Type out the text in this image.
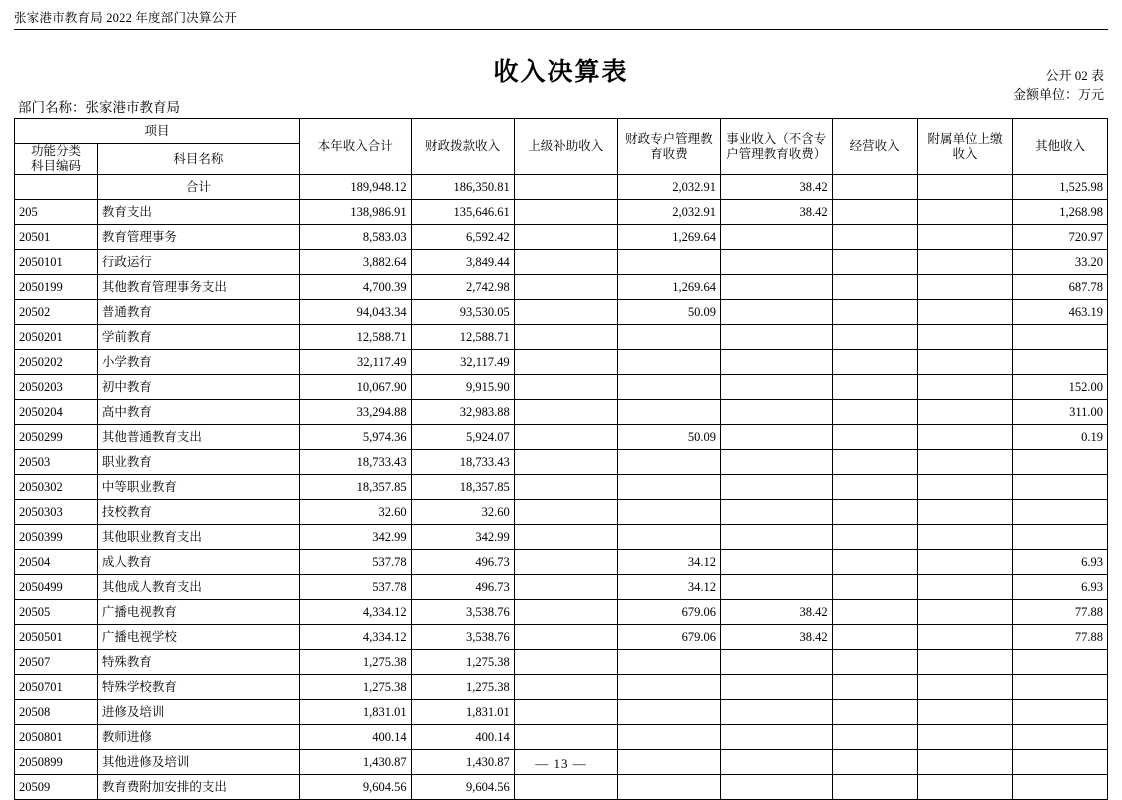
张家港市教育局 2022 年度部门决算公开
收入决算表	公开 02 表
金额单位：万元
部门名称：张家港市教育局
项目		本年收入合计	财政拨款收入	上级补助收入	财政专户管理教育收费	事业收入（不含专户管理教育收费）	经营收入	附属单位上缴收入	其他收入

功能分类
科目编码	科目名称								
	合计	189,948.12	186,350.81		2,032.91	38.42			1,525.98
205	教育支出	138,986.91	135,646.61		2,032.91	38.42			1,268.98
20501	教育管理事务	8,583.03	6,592.42		1,269.64				720.97
2050101	行政运行	3,882.64	3,849.44						33.20
2050199	其他教育管理事务支出	4,700.39	2,742.98		1,269.64				687.78
20502	普通教育	94,043.34	93,530.05		50.09				463.19
2050201	学前教育	12,588.71	12,588.71						
2050202	小学教育	32,117.49	32,117.49						
2050203	初中教育	10,067.90	9,915.90						152.00
2050204	高中教育	33,294.88	32,983.88						311.00
2050299	其他普通教育支出	5,974.36	5,924.07		50.09				0.19
20503	职业教育	18,733.43	18,733.43						
2050302	中等职业教育	18,357.85	18,357.85						
2050303	技校教育	32.60	32.60						
2050399	其他职业教育支出	342.99	342.99						
20504	成人教育	537.78	496.73		34.12				6.93
2050499	其他成人教育支出	537.78	496.73		34.12				6.93
20505	广播电视教育	4,334.12	3,538.76		679.06	38.42			77.88
2050501	广播电视学校	4,334.12	3,538.76		679.06	38.42			77.88
20507	特殊教育	1,275.38	1,275.38						
2050701	特殊学校教育	1,275.38	1,275.38						
20508	进修及培训	1,831.01	1,831.01						
2050801	教师进修	400.14	400.14						
2050899	其他进修及培训	1,430.87	1,430.87						
20509	教育费附加安排的支出	9,604.56	9,604.56						
— 13 —
